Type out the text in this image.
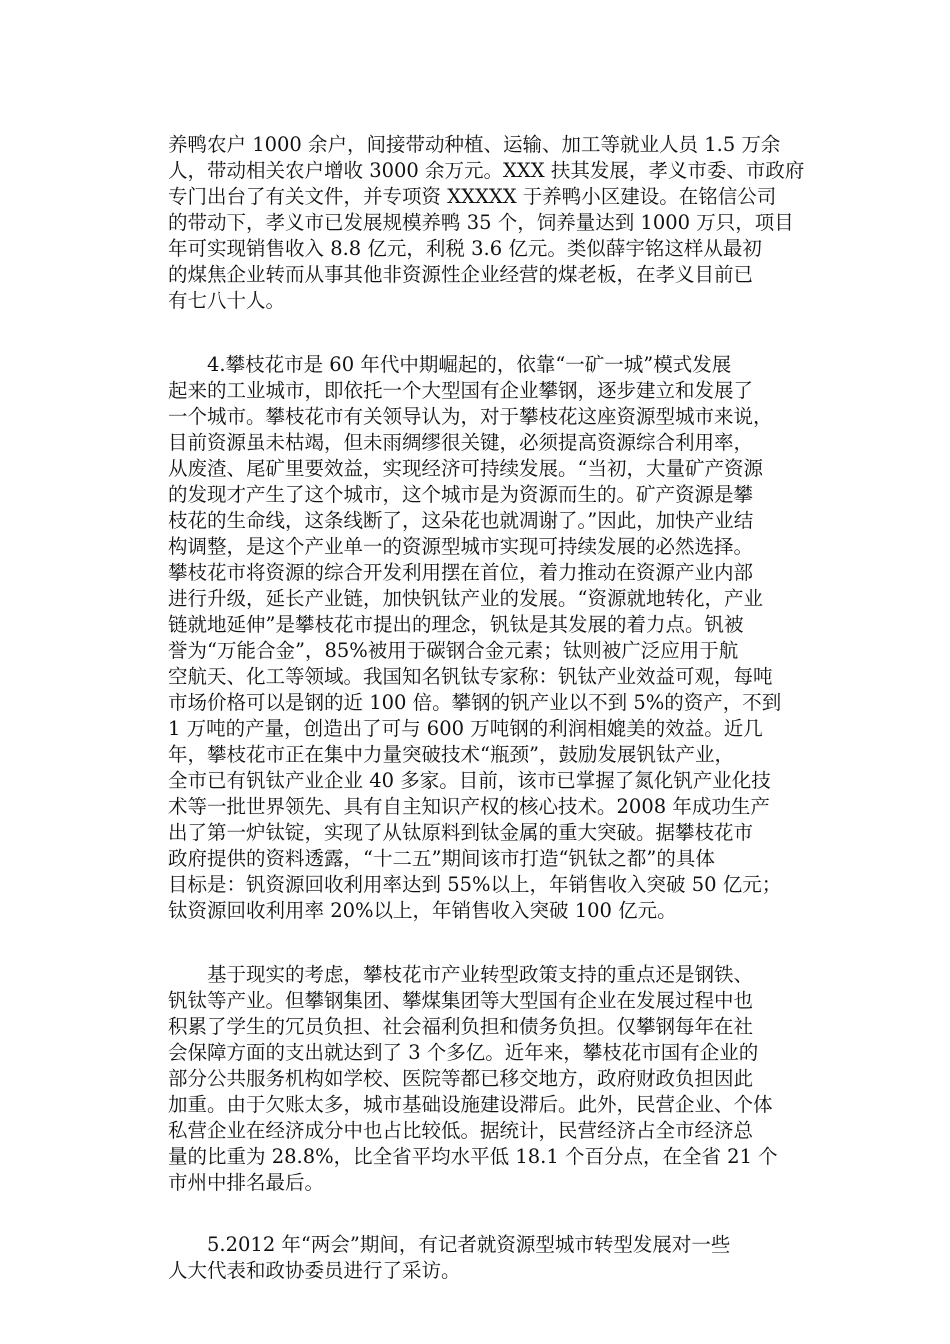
养鸭农户 1000 余户，间接带动种植、运输、加工等就业人员 1.5 万余
人，带动相关农户增收 3000 余万元。XXX 扶其发展，孝义市委、市政府
专门出台了有关文件，并专项资 XXXXX 于养鸭小区建设。在铭信公司
的带动下，孝义市已发展规模养鸭 35 个，饲养量达到 1000 万只，项目
年可实现销售收入 8.8 亿元，利税 3.6 亿元。类似薛宇铭这样从最初
的煤焦企业转而从事其他非资源性企业经营的煤老板，在孝义目前已
有七八十人。
4.攀枝花市是 60 年代中期崛起的，依靠“一矿一城”模式发展
起来的工业城市，即依托一个大型国有企业攀钢，逐步建立和发展了
一个城市。攀枝花市有关领导认为，对于攀枝花这座资源型城市来说，
目前资源虽未枯竭，但未雨绸缪很关键，必须提高资源综合利用率，
从废渣、尾矿里要效益，实现经济可持续发展。“当初，大量矿产资源
的发现才产生了这个城市，这个城市是为资源而生的。矿产资源是攀
枝花的生命线，这条线断了，这朵花也就凋谢了。”因此，加快产业结
构调整，是这个产业单一的资源型城市实现可持续发展的必然选择。
攀枝花市将资源的综合开发利用摆在首位，着力推动在资源产业内部
进行升级，延长产业链，加快钒钛产业的发展。“资源就地转化，产业
链就地延伸”是攀枝花市提出的理念，钒钛是其发展的着力点。钒被
誉为“万能合金”，85%被用于碳钢合金元素；钛则被广泛应用于航
空航天、化工等领域。我国知名钒钛专家称：钒钛产业效益可观，每吨
市场价格可以是钢的近 100 倍。攀钢的钒产业以不到 5%的资产，不到
1 万吨的产量，创造出了可与 600 万吨钢的利润相媲美的效益。近几
年，攀枝花市正在集中力量突破技术“瓶颈”，鼓励发展钒钛产业，
全市已有钒钛产业企业 40 多家。目前，该市已掌握了氮化钒产业化技
术等一批世界领先、具有自主知识产权的核心技术。2008 年成功生产
出了第一炉钛锭，实现了从钛原料到钛金属的重大突破。据攀枝花市
政府提供的资料透露，“十二五”期间该市打造“钒钛之都”的具体
目标是：钒资源回收利用率达到 55%以上，年销售收入突破 50 亿元；
钛资源回收利用率 20%以上，年销售收入突破 100 亿元。
基于现实的考虑，攀枝花市产业转型政策支持的重点还是钢铁、
钒钛等产业。但攀钢集团、攀煤集团等大型国有企业在发展过程中也
积累了学生的冗员负担、社会福利负担和债务负担。仅攀钢每年在社
会保障方面的支出就达到了 3 个多亿。近年来，攀枝花市国有企业的
部分公共服务机构如学校、医院等都已移交地方，政府财政负担因此
加重。由于欠账太多，城市基础设施建设滞后。此外，民营企业、个体
私营企业在经济成分中也占比较低。据统计，民营经济占全市经济总
量的比重为 28.8%，比全省平均水平低 18.1 个百分点，在全省 21 个
市州中排名最后。
5.2012 年“两会”期间，有记者就资源型城市转型发展对一些
人大代表和政协委员进行了采访。
